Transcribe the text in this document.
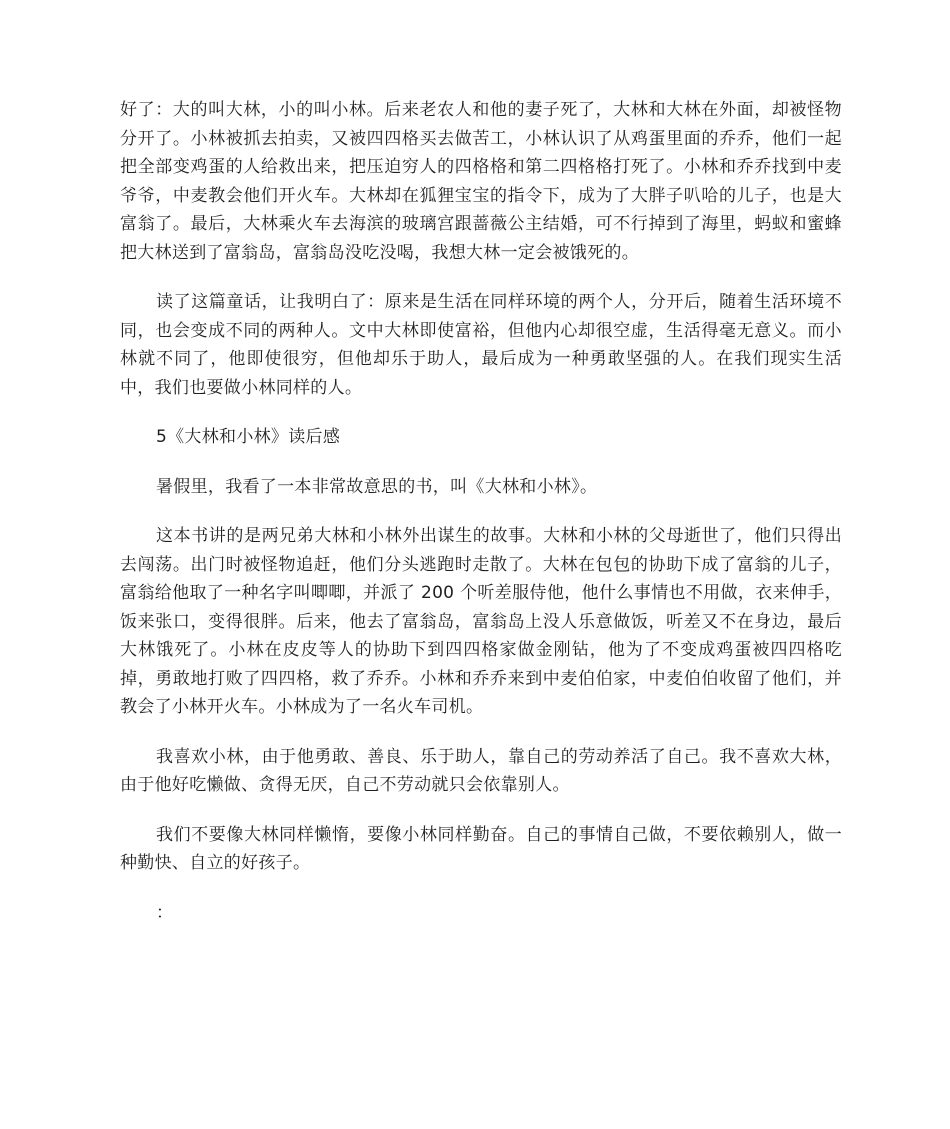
好了：大的叫大林，小的叫小林。后来老农人和他的妻子死了，大林和大林在外面，却被怪物分开了。小林被抓去拍卖，又被四四格买去做苦工，小林认识了从鸡蛋里面的乔乔，他们一起把全部变鸡蛋的人给救出来，把压迫穷人的四格格和第二四格格打死了。小林和乔乔找到中麦爷爷，中麦教会他们开火车。大林却在狐狸宝宝的指令下，成为了大胖子叭哈的儿子，也是大富翁了。最后，大林乘火车去海滨的玻璃宫跟蔷薇公主结婚，可不行掉到了海里，蚂蚁和蜜蜂把大林送到了富翁岛，富翁岛没吃没喝，我想大林一定会被饿死的。

读了这篇童话，让我明白了：原来是生活在同样环境的两个人，分开后，随着生活环境不同，也会变成不同的两种人。文中大林即使富裕，但他内心却很空虚，生活得毫无意义。而小林就不同了，他即使很穷，但他却乐于助人，最后成为一种勇敢坚强的人。在我们现实生活中，我们也要做小林同样的人。

5《大林和小林》读后感

暑假里，我看了一本非常故意思的书，叫《大林和小林》。

这本书讲的是两兄弟大林和小林外出谋生的故事。大林和小林的父母逝世了，他们只得出去闯荡。出门时被怪物追赶，他们分头逃跑时走散了。大林在包包的协助下成了富翁的儿子，富翁给他取了一种名字叫唧唧，并派了 200 个听差服侍他，他什么事情也不用做，衣来伸手，饭来张口，变得很胖。后来，他去了富翁岛，富翁岛上没人乐意做饭，听差又不在身边，最后大林饿死了。小林在皮皮等人的协助下到四四格家做金刚钻，他为了不变成鸡蛋被四四格吃掉，勇敢地打败了四四格，救了乔乔。小林和乔乔来到中麦伯伯家，中麦伯伯收留了他们，并教会了小林开火车。小林成为了一名火车司机。

我喜欢小林，由于他勇敢、善良、乐于助人，靠自己的劳动养活了自己。我不喜欢大林，由于他好吃懒做、贪得无厌，自己不劳动就只会依靠别人。

我们不要像大林同样懒惰，要像小林同样勤奋。自己的事情自己做，不要依赖别人，做一种勤快、自立的好孩子。

：
